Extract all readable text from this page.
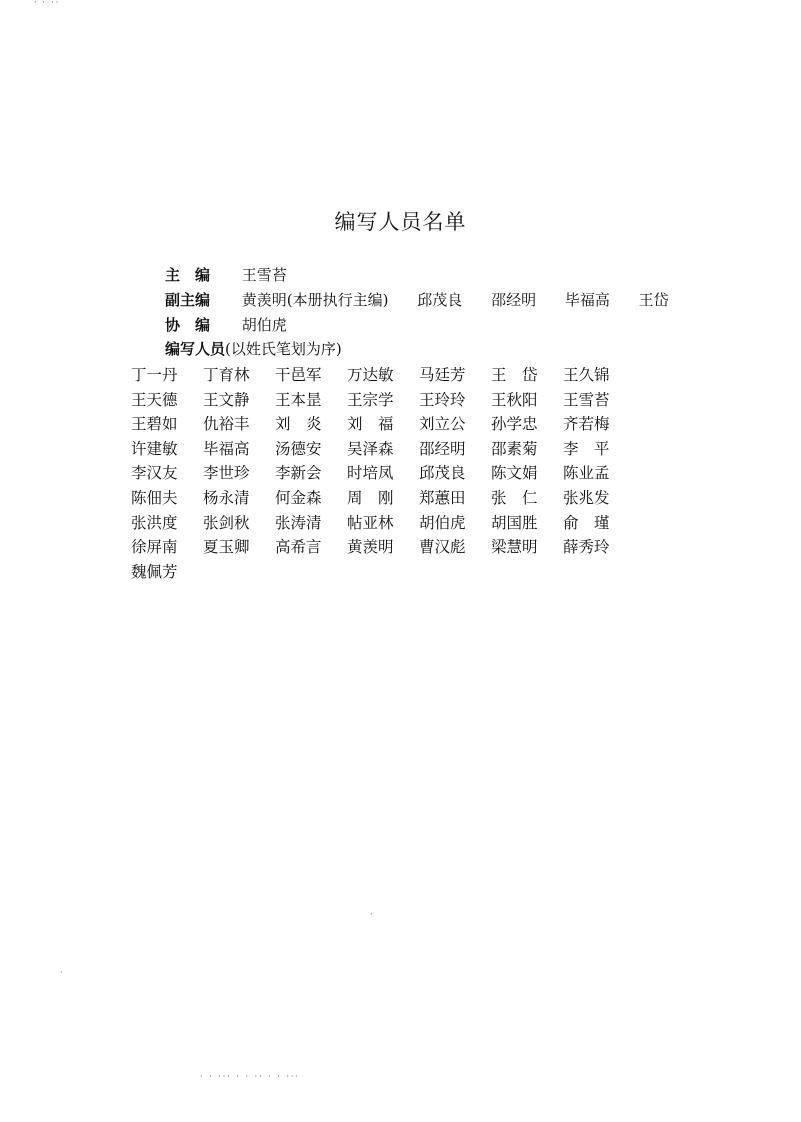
· · ··
编写人员名单
主　编 王雪苔
副主编 黄羡明(本册执行主编) 邱茂良 邵经明 毕福高 王岱
协　编 胡伯虎
编写人员(以姓氏笔划为序)
丁一丹 丁育林 干邑军 万达敏 马廷芳 王　岱 王久锦
王天德 王文静 王本昰 王宗学 王玲玲 王秋阳 王雪苔
王碧如 仇裕丰 刘　炎 刘　福 刘立公 孙学忠 齐若梅
许建敏 毕福高 汤德安 吴泽森 邵经明 邵素菊 李　平
李汉友 李世珍 李新会 时培凤 邱茂良 陈文娟 陈业孟
陈佃夫 杨永清 何金森 周　刚 郑蕙田 张　仁 张兆发
张洪度 张剑秋 张涛清 帖亚林 胡伯虎 胡国胜 俞　瑾
徐屏南 夏玉卿 高希言 黄羡明 曹汉彪 梁慧明 薛秀玲
魏佩芳
·
·
· · ··· · · ·· · · ···
